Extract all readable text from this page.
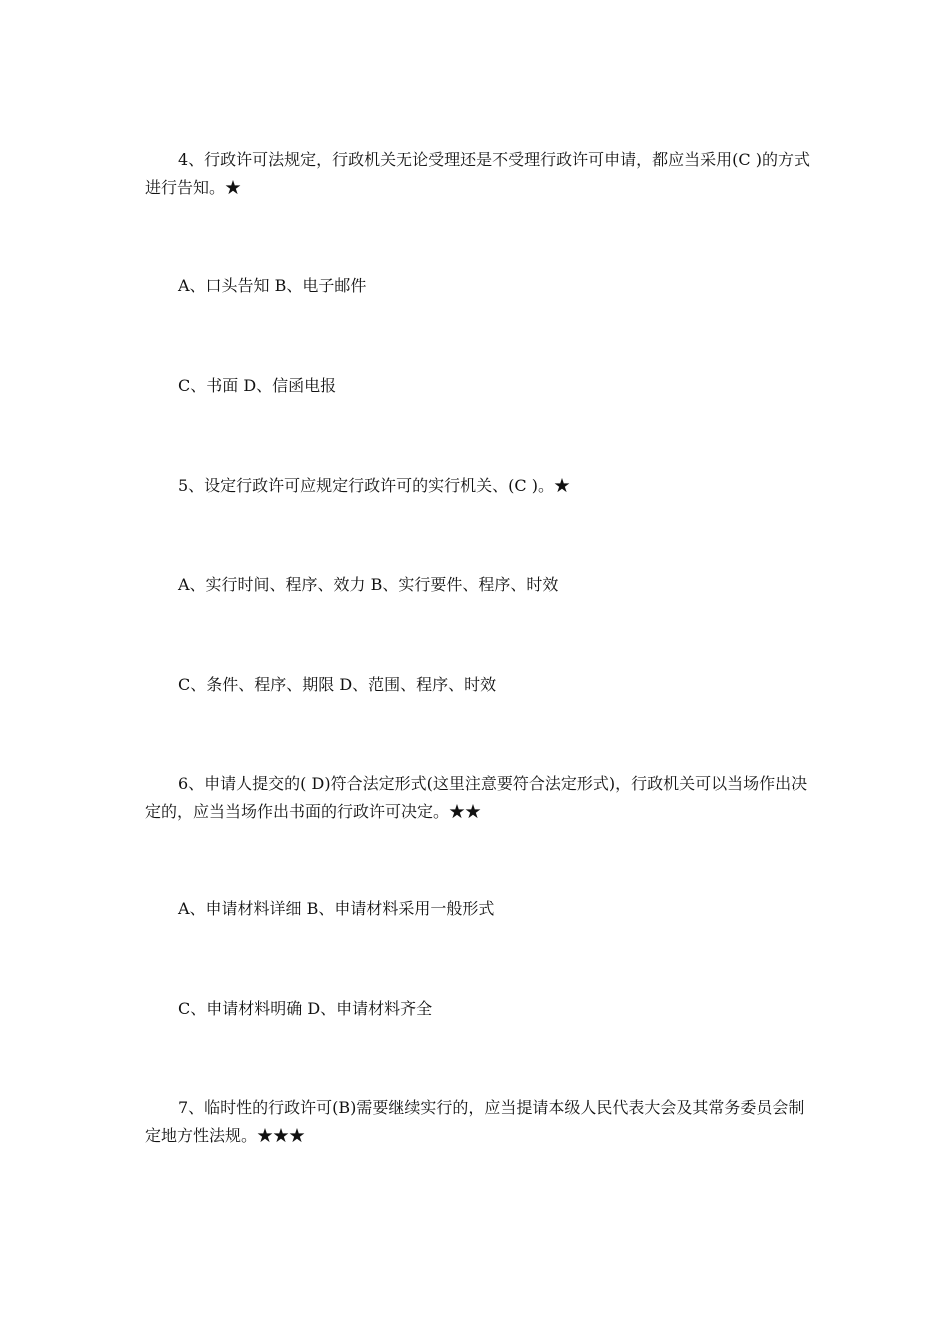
4、行政许可法规定，行政机关无论受理还是不受理行政许可申请，都应当采用(C )的方式进行告知。★

A、口头告知 B、电子邮件

C、书面 D、信函电报

5、设定行政许可应规定行政许可的实行机关、(C )。★

A、实行时间、程序、效力 B、实行要件、程序、时效

C、条件、程序、期限 D、范围、程序、时效

6、申请人提交的( D)符合法定形式(这里注意要符合法定形式)，行政机关可以当场作出决定的，应当当场作出书面的行政许可决定。★★

A、申请材料详细 B、申请材料采用一般形式

C、申请材料明确 D、申请材料齐全

7、临时性的行政许可(B)需要继续实行的，应当提请本级人民代表大会及其常务委员会制定地方性法规。★★★
